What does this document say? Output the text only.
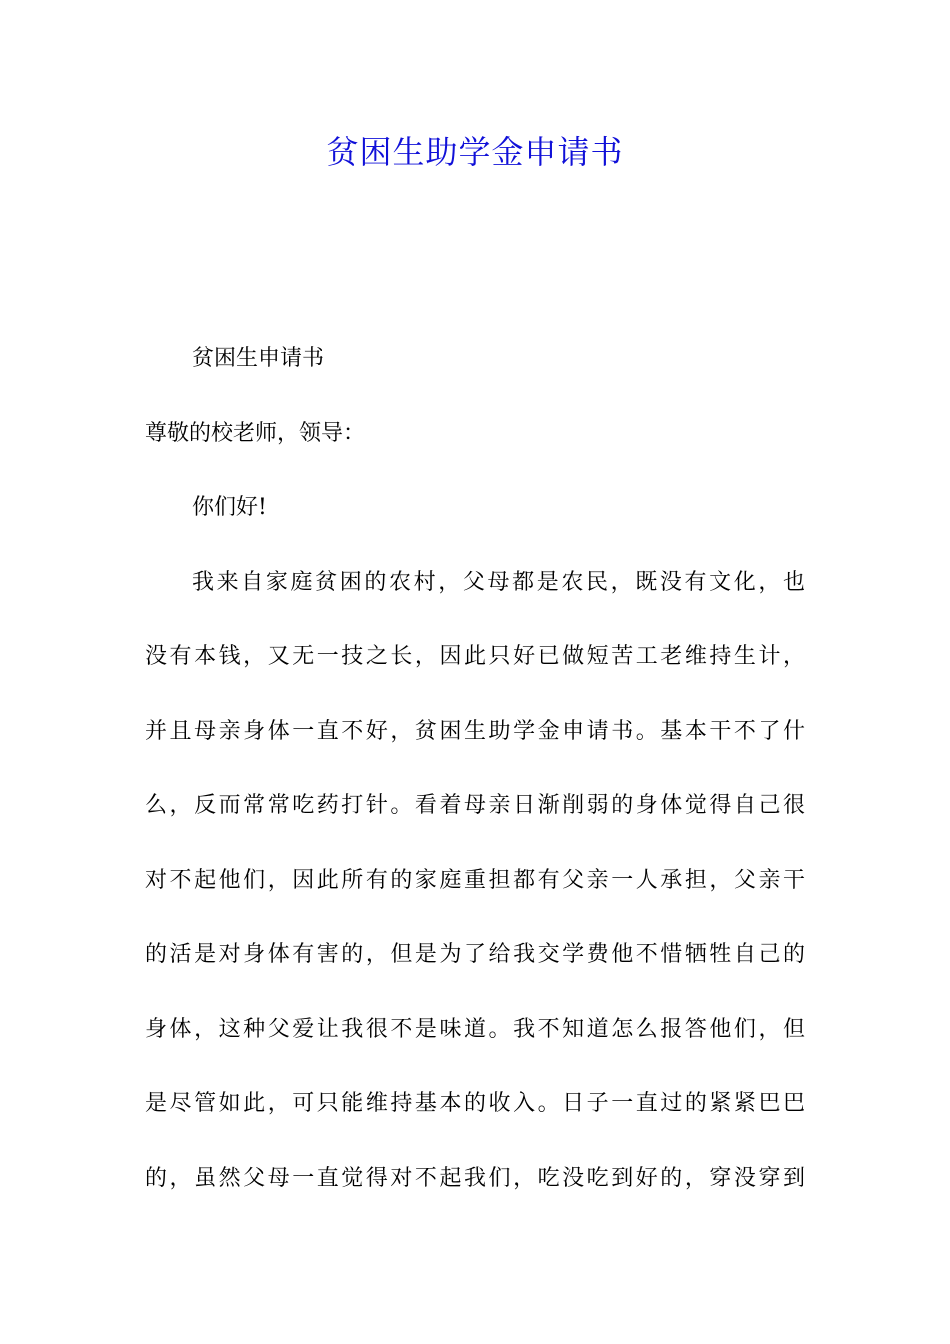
贫困生助学金申请书
贫困生申请书
尊敬的校老师，领导：
你们好!
我来自家庭贫困的农村，父母都是农民，既没有文化，也
没有本钱，又无一技之长，因此只好已做短苦工老维持生计，
并且母亲身体一直不好，贫困生助学金申请书。基本干不了什
么，反而常常吃药打针。看着母亲日渐削弱的身体觉得自己很
对不起他们，因此所有的家庭重担都有父亲一人承担，父亲干
的活是对身体有害的，但是为了给我交学费他不惜牺牲自己的
身体，这种父爱让我很不是味道。我不知道怎么报答他们，但
是尽管如此，可只能维持基本的收入。日子一直过的紧紧巴巴
的，虽然父母一直觉得对不起我们，吃没吃到好的，穿没穿到
